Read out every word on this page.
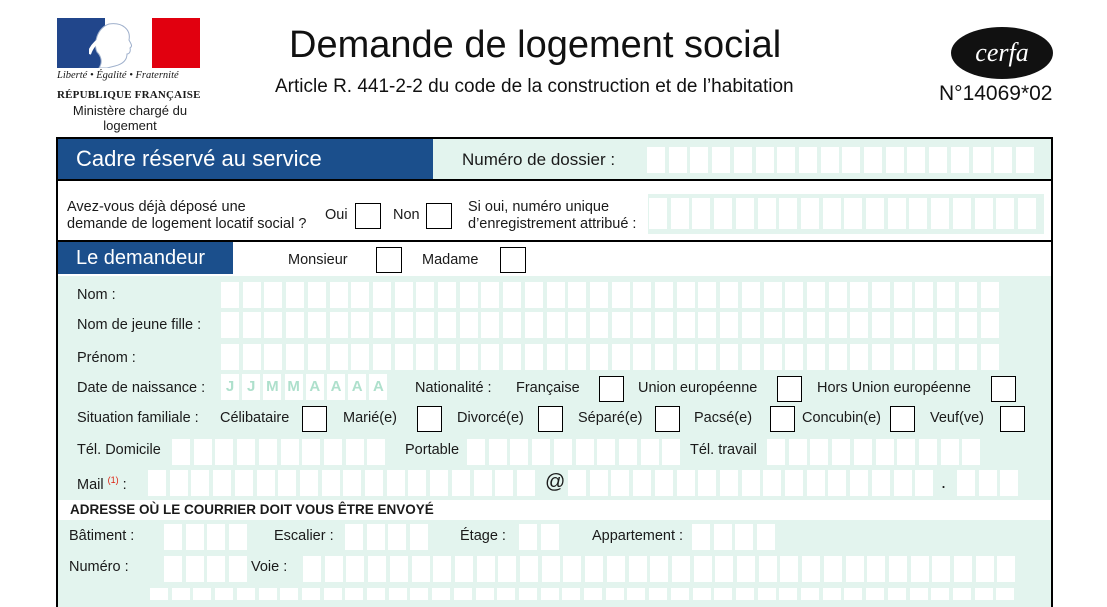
Liberté • Égalité • Fraternité
RÉPUBLIQUE FRANÇAISE
Ministère chargé du
logement
Demande de logement social
Article R. 441-2-2 du code de la construction et de l’habitation
cerfa
N°14069*02
Cadre réservé au service	Numéro de dossier :
Avez-vous déjà déposé une
demande de logement locatif social ?
Oui	Non	Si oui, numéro unique
d’enregistrement attribué :
Le demandeur	Monsieur	Madame
Nom :
Nom de jeune fille :
Prénom :
Date de naissance :	J J M M A A A A Nationalité : Française	Union européenne	Hors Union européenne
Situation familiale : Célibataire	Marié(e)	Divorcé(e)	Séparé(e)	Pacsé(e)	Concubin(e)	Veuf(ve)
Tél. Domicile	Portable	Tél. travail
Mail $^{(1)}$ :	@	.
ADRESSE OÙ LE COURRIER DOIT VOUS ÊTRE ENVOYÉ
Bâtiment :	Escalier :	Étage :	Appartement :
Numéro :	Voie :
